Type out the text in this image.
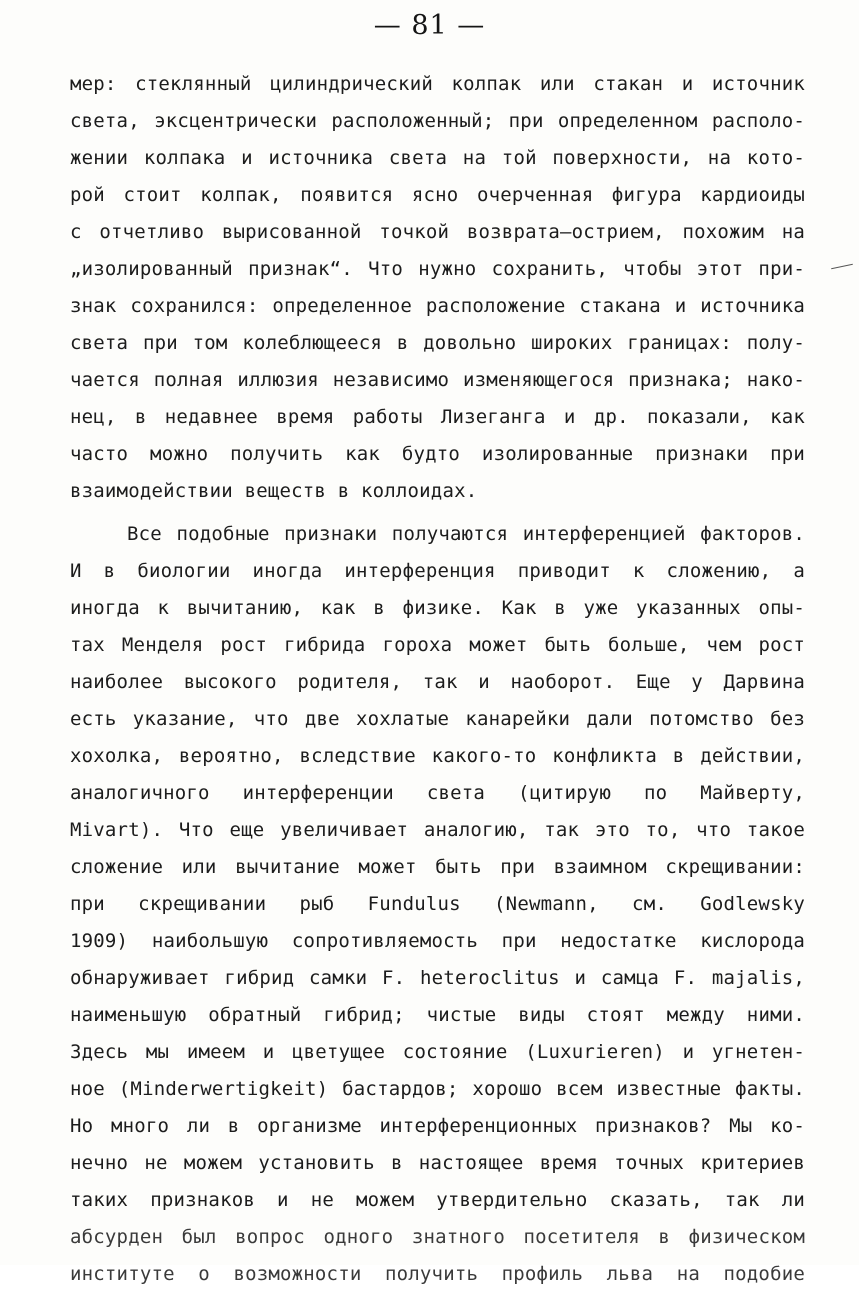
— 81 —
мер: стеклянный цилиндрический колпак или стакан и источник
света, эксцентрически расположенный; при определенном располо-
жении колпака и источника света на той поверхности, на кото-
рой стоит колпак, появится ясно очерченная фигура кардиоиды
с отчетливо вырисованной точкой возврата—острием, похожим на
„изолированный признак“. Что нужно сохранить, чтобы этот при-
знак сохранился: определенное расположение стакана и источника
света при том колеблющееся в довольно широких границах: полу-
чается полная иллюзия независимо изменяющегося признака; нако-
нец, в недавнее время работы Лизеганга и др. показали, как
часто можно получить как будто изолированные признаки при
взаимодействии веществ в коллоидах.
Все подобные признаки получаются интерференцией факторов.
И в биологии иногда интерференция приводит к сложению, а
иногда к вычитанию, как в физике. Как в уже указанных опы-
тах Менделя рост гибрида гороха может быть больше, чем рост
наиболее высокого родителя, так и наоборот. Еще у Дарвина
есть указание, что две хохлатые канарейки дали потомство без
хохолка, вероятно, вследствие какого-то конфликта в действии,
аналогичного интерференции света (цитирую по Майверту,
Mivart). Что еще увеличивает аналогию, так это то, что такое
сложение или вычитание может быть при взаимном скрещивании:
при скрещивании рыб Fundulus (Newmann, см. Godlewsky
1909) наибольшую сопротивляемость при недостатке кислорода
обнаруживает гибрид самки F. heteroclitus и самца F. majalis,
наименьшую обратный гибрид; чистые виды стоят между ними.
Здесь мы имеем и цветущее состояние (Luxurieren) и угнетен-
ное (Minderwertigkeit) бастардов; хорошо всем известные факты.
Но много ли в организме интерференционных признаков? Мы ко-
нечно не можем установить в настоящее время точных критериев
таких признаков и не можем утвердительно сказать, так ли
абсурден был вопрос одного знатного посетителя в физическом
институте о возможности получить профиль льва на подобие
